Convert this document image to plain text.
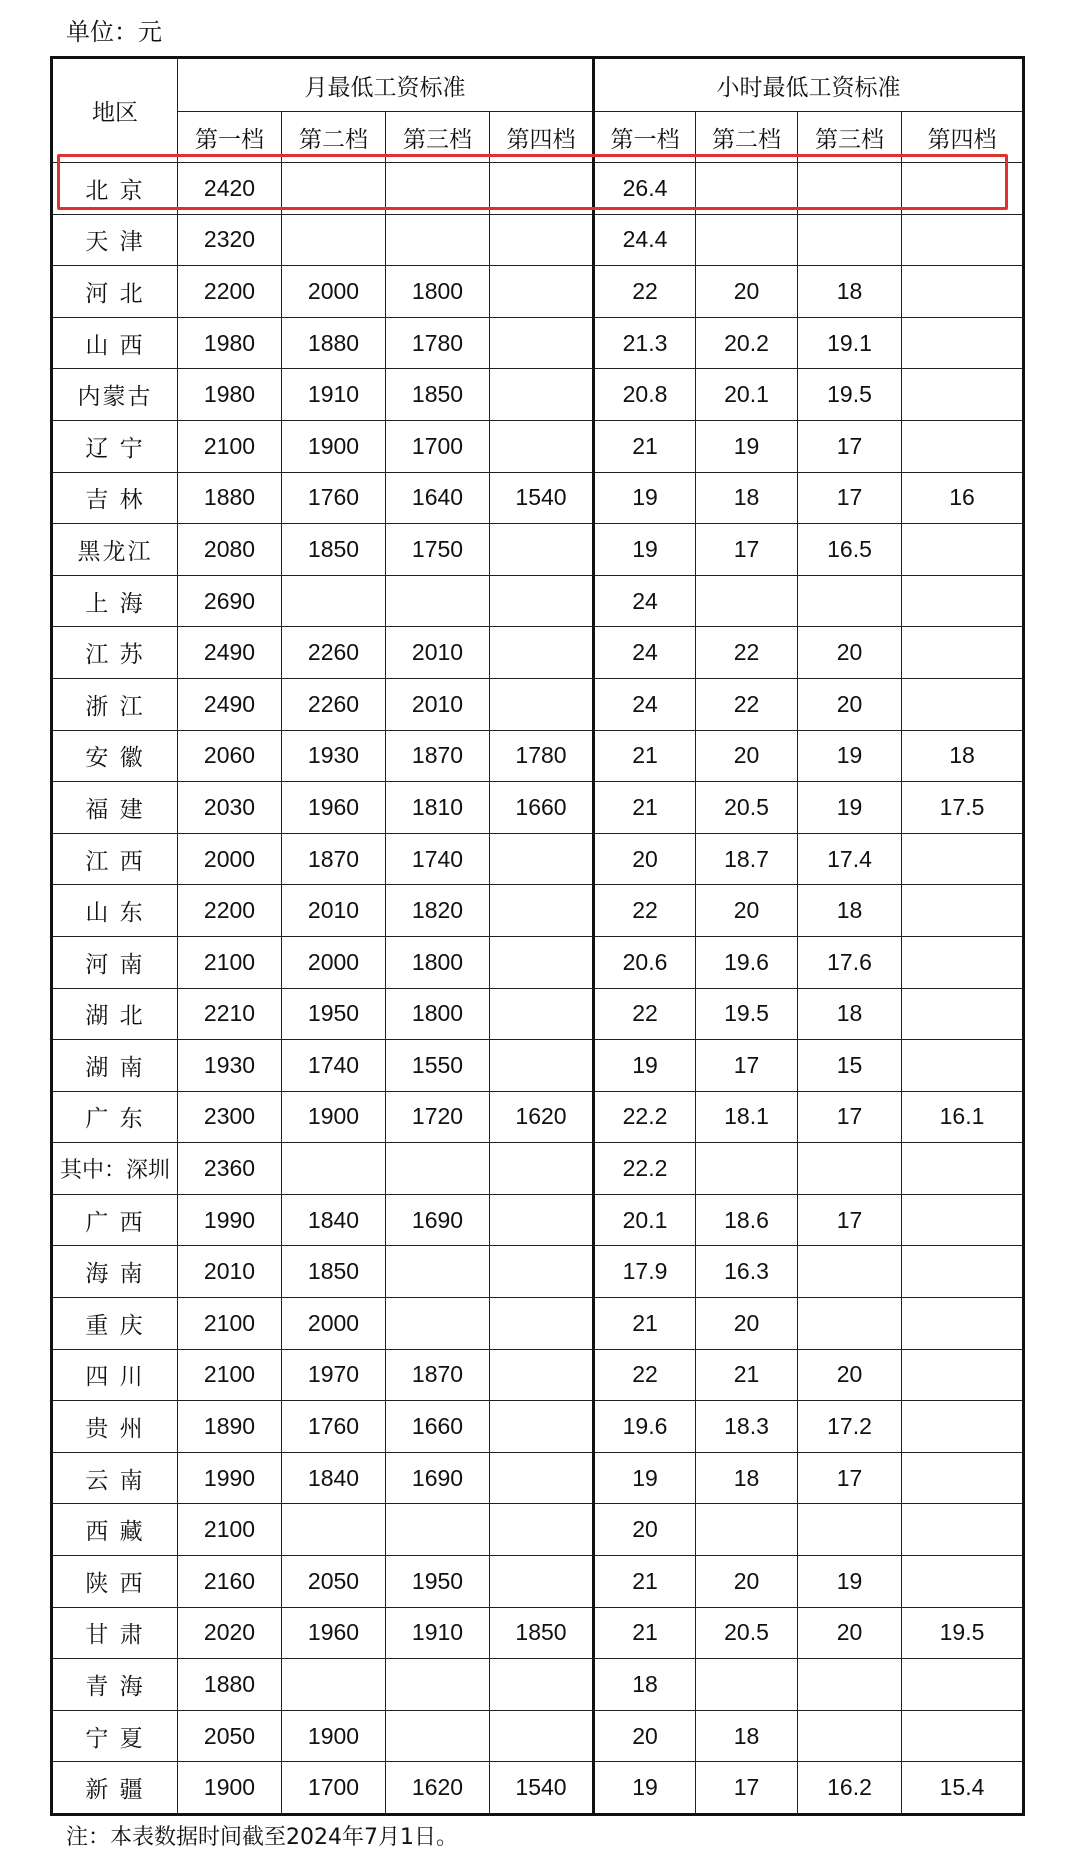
单位：元
地区	月最低工资标准				小时最低工资标准			
	第一档	第二档	第三档	第四档	第一档	第二档	第三档	第四档
北 京	2420				26.4			
天 津	2320				24.4			
河 北	2200	2000	1800		22	20	18	
山 西	1980	1880	1780		21.3	20.2	19.1	
内蒙古	1980	1910	1850		20.8	20.1	19.5	
辽 宁	2100	1900	1700		21	19	17	
吉 林	1880	1760	1640	1540	19	18	17	16
黑龙江	2080	1850	1750		19	17	16.5	
上 海	2690				24			
江 苏	2490	2260	2010		24	22	20	
浙 江	2490	2260	2010		24	22	20	
安 徽	2060	1930	1870	1780	21	20	19	18
福 建	2030	1960	1810	1660	21	20.5	19	17.5
江 西	2000	1870	1740		20	18.7	17.4	
山 东	2200	2010	1820		22	20	18	
河 南	2100	2000	1800		20.6	19.6	17.6	
湖 北	2210	1950	1800		22	19.5	18	
湖 南	1930	1740	1550		19	17	15	
广 东	2300	1900	1720	1620	22.2	18.1	17	16.1
其中：深圳	2360				22.2			
广 西	1990	1840	1690		20.1	18.6	17	
海 南	2010	1850			17.9	16.3		
重 庆	2100	2000			21	20		
四 川	2100	1970	1870		22	21	20	
贵 州	1890	1760	1660		19.6	18.3	17.2	
云 南	1990	1840	1690		19	18	17	
西 藏	2100				20			
陕 西	2160	2050	1950		21	20	19	
甘 肃	2020	1960	1910	1850	21	20.5	20	19.5
青 海	1880				18			
宁 夏	2050	1900			20	18		
新 疆	1900	1700	1620	1540	19	17	16.2	15.4
注：本表数据时间截至2024年7月1日。
